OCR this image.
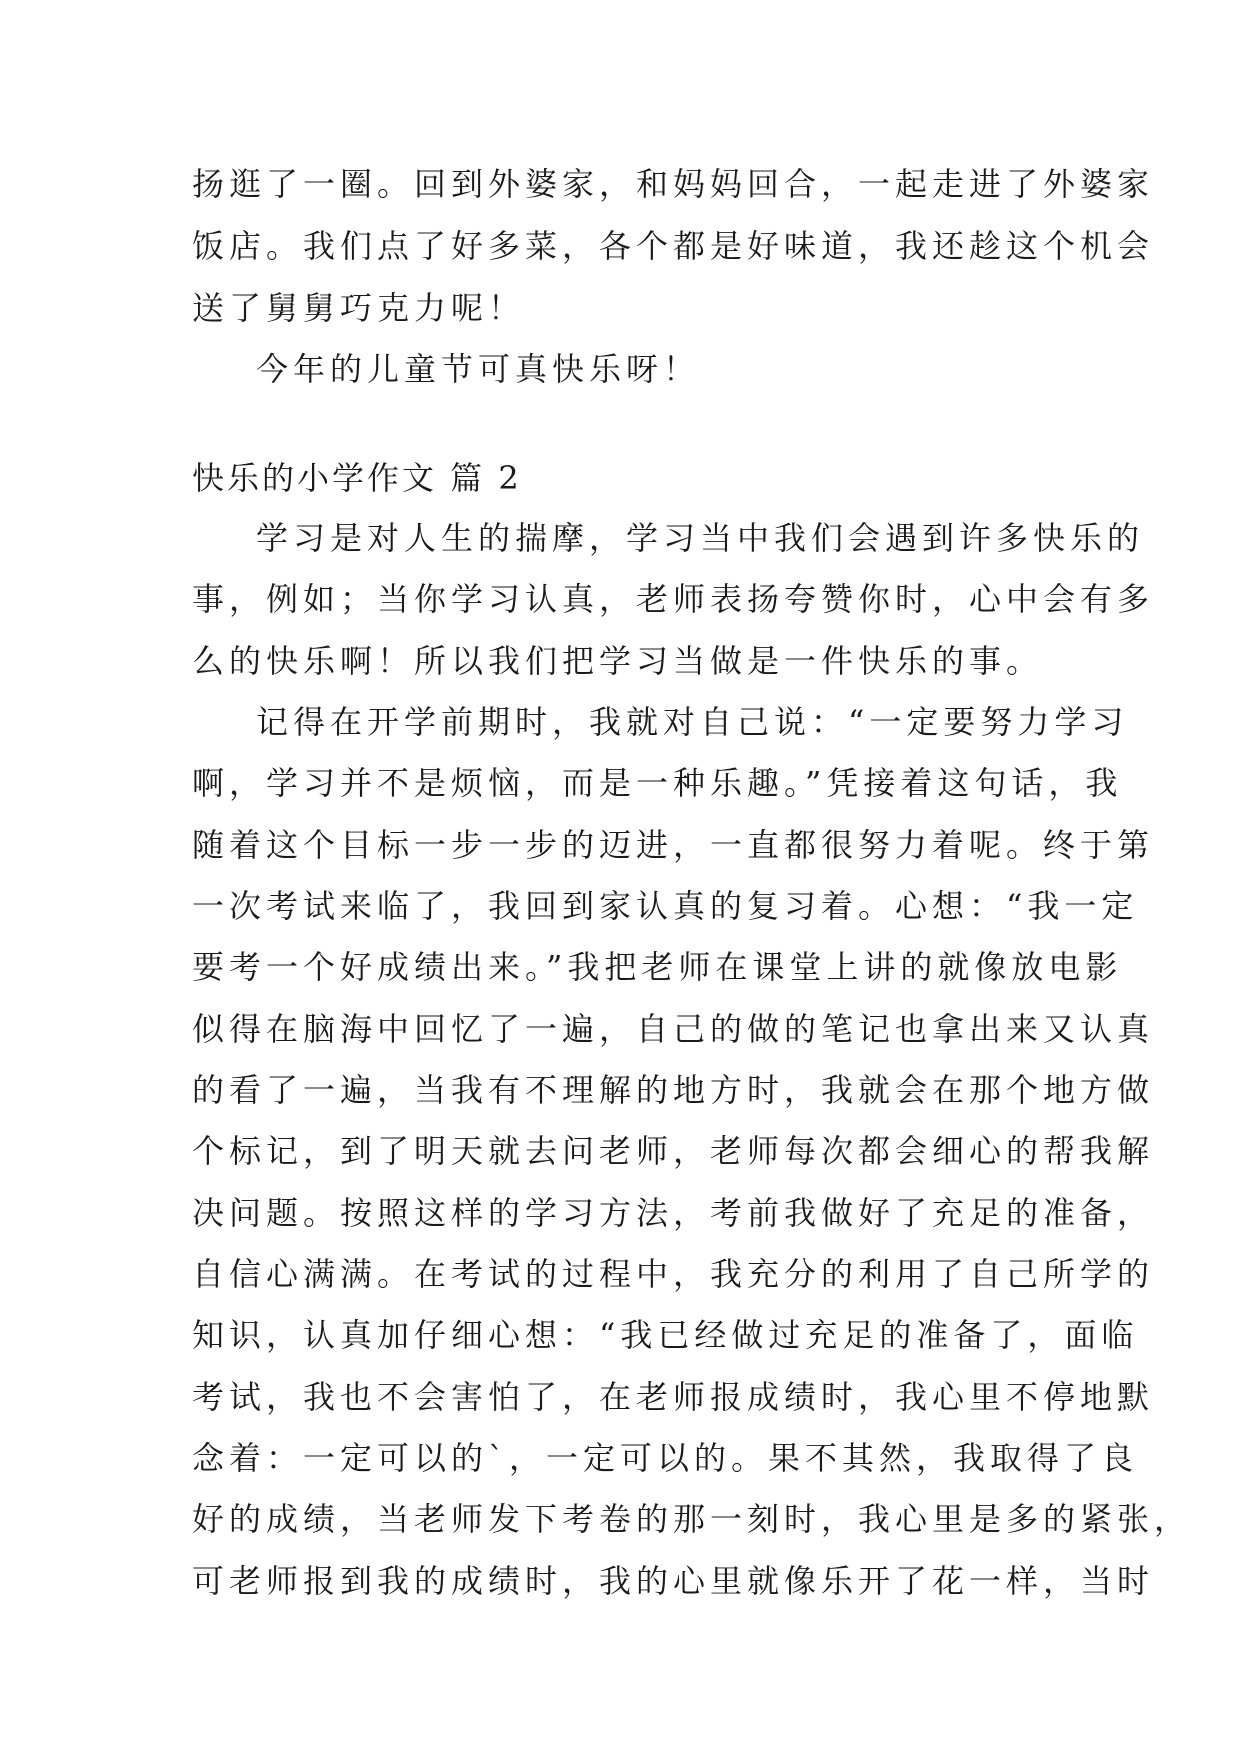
扬逛了一圈。回到外婆家，和妈妈回合，一起走进了外婆家
饭店。我们点了好多菜，各个都是好味道，我还趁这个机会
送了舅舅巧克力呢！
今年的儿童节可真快乐呀！
快乐的小学作文 篇 2
学习是对人生的揣摩，学习当中我们会遇到许多快乐的
事，例如；当你学习认真，老师表扬夸赞你时，心中会有多
么的快乐啊！所以我们把学习当做是一件快乐的事。
记得在开学前期时，我就对自己说：“一定要努力学习
啊，学习并不是烦恼，而是一种乐趣。”凭接着这句话，我
随着这个目标一步一步的迈进，一直都很努力着呢。终于第
一次考试来临了，我回到家认真的复习着。心想：“我一定
要考一个好成绩出来。”我把老师在课堂上讲的就像放电影
似得在脑海中回忆了一遍，自己的做的笔记也拿出来又认真
的看了一遍，当我有不理解的地方时，我就会在那个地方做
个标记，到了明天就去问老师，老师每次都会细心的帮我解
决问题。按照这样的学习方法，考前我做好了充足的准备，
自信心满满。在考试的过程中，我充分的利用了自己所学的
知识，认真加仔细心想：“我已经做过充足的准备了，面临
考试，我也不会害怕了，在老师报成绩时，我心里不停地默
念着：一定可以的`，一定可以的。果不其然，我取得了良
好的成绩，当老师发下考卷的那一刻时，我心里是多的紧张，
可老师报到我的成绩时，我的心里就像乐开了花一样，当时
